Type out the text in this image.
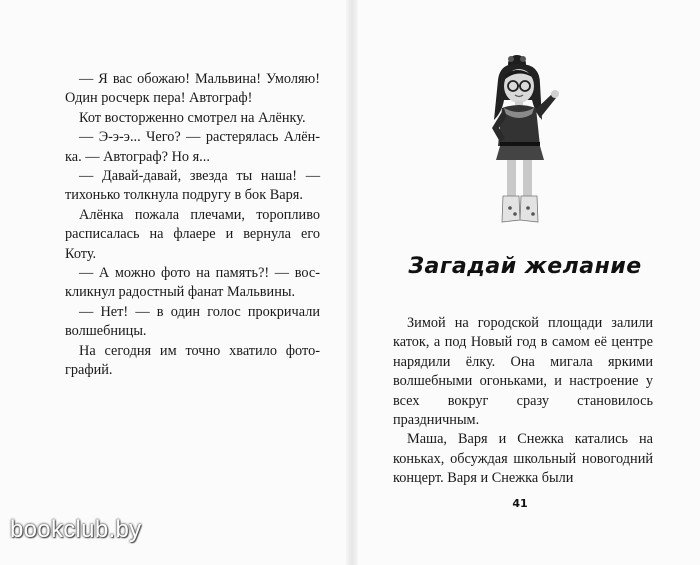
— Я вас обожаю! Мальвина! Умоляю! Один росчерк пера! Автограф!

Кот восторженно смотрел на Алёнку.

— Э-э-э... Чего? — растерялась Алёнка. — Автограф? Но я...

— Давай-давай, звезда ты наша! — тихонько толкнула подругу в бок Варя.

Алёнка пожала плечами, торопливо расписалась на флаере и вернула его Коту.

— А можно фото на память?! — воскликнул радостный фанат Мальвины.

— Нет! — в один голос прокричали волшебницы.

На сегодня им точно хватило фотографий.

Загадай желание

Зимой на городской площади залили каток, а под Новый год в самом её центре нарядили ёлку. Она мигала яркими волшебными огоньками, и настроение у всех вокруг сразу становилось праздничным.

Маша, Варя и Снежка катались на коньках, обсуждая школьный новогодний концерт. Варя и Снежка были

41
bookclub.by
